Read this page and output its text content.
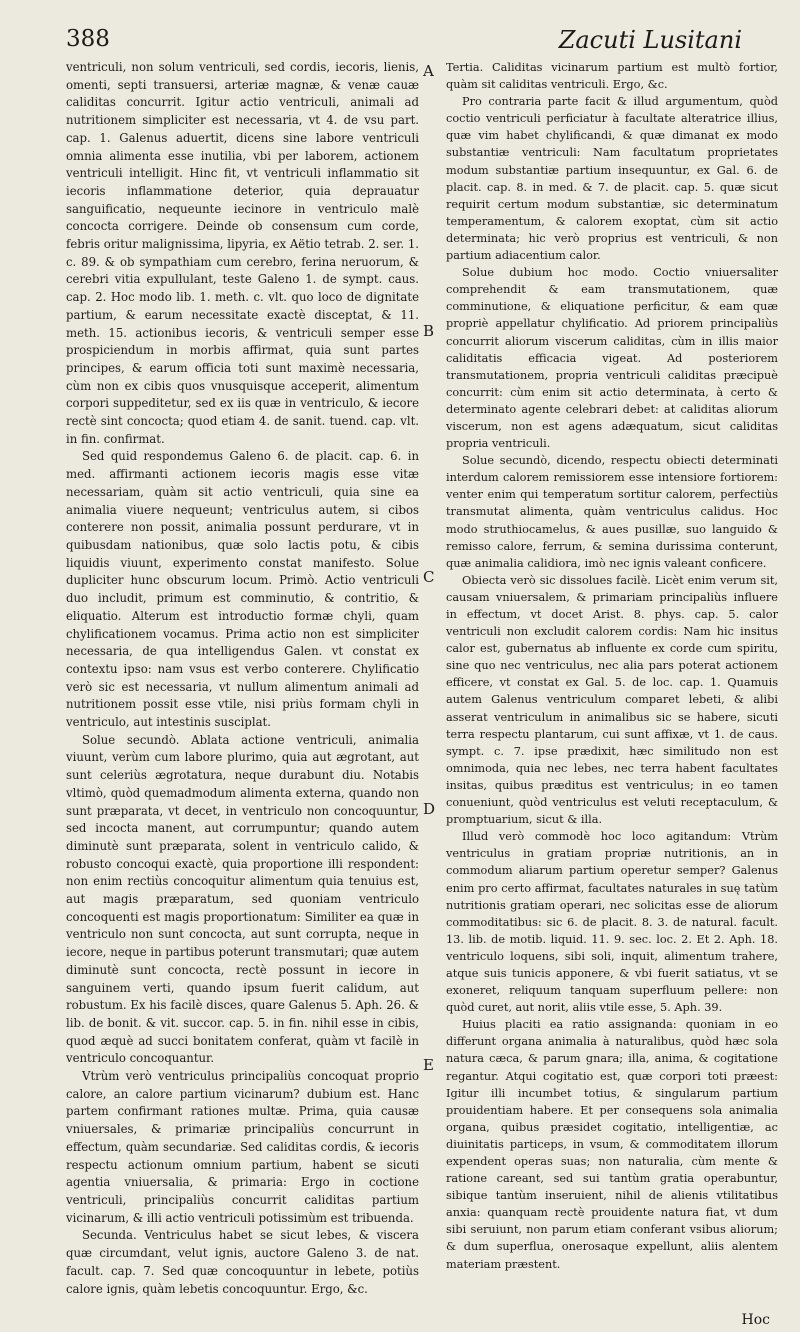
388	Zacuti Lusitani

ventriculi, non solum ventriculi, sed cordis, iecoris, lienis, omenti, septi transuersi, arteriæ magnæ, & venæ cauæ caliditas concurrit. Igitur actio ventriculi, animali ad nutritionem simpliciter est necessaria, vt 4. de vsu part. cap. 1. Galenus aduertit, dicens sine labore ventriculi omnia alimenta esse inutilia, vbi per laborem, actionem ventriculi intelligit. Hinc fit, vt ventriculi inflammatio sit iecoris inflammatione deterior, quia deprauatur sanguificatio, nequeunte iecinore in ventriculo malè concocta corrigere. Deinde ob consensum cum corde, febris oritur malignissima, lipyria, ex Aëtio tetrab. 2. ser. 1. c. 89. & ob sympathiam cum cerebro, ferina neruorum, & cerebri vitia expullulant, teste Galeno 1. de sympt. caus. cap. 2. Hoc modo lib. 1. meth. c. vlt. quo loco de dignitate partium, & earum necessitate exactè disceptat, & 11. meth. 15. actionibus iecoris, & ventriculi semper esse prospiciendum in morbis affirmat, quia sunt partes principes, & earum officia toti sunt maximè necessaria, cùm non ex cibis quos vnusquisque acceperit, alimentum corpori suppeditetur, sed ex iis quæ in ventriculo, & iecore rectè sint concocta; quod etiam 4. de sanit. tuend. cap. vlt. in fin. confirmat.

Sed quid respondemus Galeno 6. de placit. cap. 6. in med. affirmanti actionem iecoris magis esse vitæ necessariam, quàm sit actio ventriculi, quia sine ea animalia viuere nequeunt; ventriculus autem, si cibos conterere non possit, animalia possunt perdurare, vt in quibusdam nationibus, quæ solo lactis potu, & cibis liquidis viuunt, experimento constat manifesto. Solue dupliciter hunc obscurum locum. Primò. Actio ventriculi duo includit, primum est comminutio, & contritio, & eliquatio. Alterum est introductio formæ chyli, quam chylificationem vocamus. Prima actio non est simpliciter necessaria, de qua intelligendus Galen. vt constat ex contextu ipso: nam vsus est verbo conterere. Chylificatio verò sic est necessaria, vt nullum alimentum animali ad nutritionem possit esse vtile, nisi priùs formam chyli in ventriculo, aut intestinis susciplat.

Solue secundò. Ablata actione ventriculi, animalia viuunt, verùm cum labore plurimo, quia aut ægrotant, aut sunt celeriùs ægrotatura, neque durabunt diu. Notabis vltimò, quòd quemadmodum alimenta externa, quando non sunt præparata, vt decet, in ventriculo non concoquuntur, sed incocta manent, aut corrumpuntur; quando autem diminutè sunt præparata, solent in ventriculo calido, & robusto concoqui exactè, quia proportione illi respondent: non enim rectiùs concoquitur alimentum quia tenuius est, aut magis præparatum, sed quoniam ventriculo concoquenti est magis proportionatum: Similiter ea quæ in ventriculo non sunt concocta, aut sunt corrupta, neque in iecore, neque in partibus poterunt transmutari; quæ autem diminutè sunt concocta, rectè possunt in iecore in sanguinem verti, quando ipsum fuerit calidum, aut robustum. Ex his facilè disces, quare Galenus 5. Aph. 26. & lib. de bonit. & vit. succor. cap. 5. in fin. nihil esse in cibis, quod æquè ad succi bonitatem conferat, quàm vt facilè in ventriculo concoquantur.

Vtrùm verò ventriculus principaliùs concoquat proprio calore, an calore partium vicinarum? dubium est. Hanc partem confirmant rationes multæ. Prima, quia causæ vniuersales, & primariæ principaliùs concurrunt in effectum, quàm secundariæ. Sed caliditas cordis, & iecoris respectu actionum omnium partium, habent se sicuti agentia vniuersalia, & primaria: Ergo in coctione ventriculi, principaliùs concurrit caliditas partium vicinarum, & illi actio ventriculi potissimùm est tribuenda.

Secunda. Ventriculus habet se sicut lebes, & viscera quæ circumdant, velut ignis, auctore Galeno 3. de nat. facult. cap. 7. Sed quæ concoquuntur in lebete, potiùs calore ignis, quàm lebetis concoquuntur. Ergo, &c.

A
B
C
D
E

Tertia. Caliditas vicinarum partium est multò fortior, quàm sit caliditas ventriculi. Ergo, &c.

Pro contraria parte facit & illud argumentum, quòd coctio ventriculi perficiatur à facultate alteratrice illius, quæ vim habet chylificandi, & quæ dimanat ex modo substantiæ ventriculi: Nam facultatum proprietates modum substantiæ partium insequuntur, ex Gal. 6. de placit. cap. 8. in med. & 7. de placit. cap. 5. quæ sicut requirit certum modum substantiæ, sic determinatum temperamentum, & calorem exoptat, cùm sit actio determinata; hic verò proprius est ventriculi, & non partium adiacentium calor.

Solue dubium hoc modo. Coctio vniuersaliter comprehendit & eam transmutationem, quæ comminutione, & eliquatione perficitur, & eam quæ propriè appellatur chylificatio. Ad priorem principaliùs concurrit aliorum viscerum caliditas, cùm in illis maior caliditatis efficacia vigeat. Ad posteriorem transmutationem, propria ventriculi caliditas præcipuè concurrit: cùm enim sit actio determinata, à certo & determinato agente celebrari debet: at caliditas aliorum viscerum, non est agens adæquatum, sicut caliditas propria ventriculi.

Solue secundò, dicendo, respectu obiecti determinati interdum calorem remissiorem esse intensiore fortiorem: venter enim qui temperatum sortitur calorem, perfectiùs transmutat alimenta, quàm ventriculus calidus. Hoc modo struthiocamelus, & aues pusillæ, suo languido & remisso calore, ferrum, & semina durissima conterunt, quæ animalia calidiora, imò nec ignis valeant conficere.

Obiecta verò sic dissolues facilè. Licèt enim verum sit, causam vniuersalem, & primariam principaliùs influere in effectum, vt docet Arist. 8. phys. cap. 5. calor ventriculi non excludit calorem cordis: Nam hic insitus calor est, gubernatus ab influente ex corde cum spiritu, sine quo nec ventriculus, nec alia pars poterat actionem efficere, vt constat ex Gal. 5. de loc. cap. 1. Quamuis autem Galenus ventriculum comparet lebeti, & alibi asserat ventriculum in animalibus sic se habere, sicuti terra respectu plantarum, cui sunt affixæ, vt 1. de caus. sympt. c. 7. ipse prædixit, hæc similitudo non est omnimoda, quia nec lebes, nec terra habent facultates insitas, quibus præditus est ventriculus; in eo tamen conueniunt, quòd ventriculus est veluti receptaculum, & promptuarium, sicut & illa.

Illud verò commodè hoc loco agitandum: Vtrùm ventriculus in gratiam propriæ nutritionis, an in commodum aliarum partium operetur semper? Galenus enim pro certo affirmat, facultates naturales in suę tatùm nutritionis gratiam operari, nec solicitas esse de aliorum commoditatibus: sic 6. de placit. 8. 3. de natural. facult. 13. lib. de motib. liquid. 11. 9. sec. loc. 2. Et 2. Aph. 18. ventriculo loquens, sibi soli, inquit, alimentum trahere, atque suis tunicis apponere, & vbi fuerit satiatus, vt se exoneret, reliquum tanquam superfluum pellere: non quòd curet, aut norit, aliis vtile esse, 5. Aph. 39.

Huius placiti ea ratio assignanda: quoniam in eo differunt organa animalia à naturalibus, quòd hæc sola natura cæca, & parum gnara; illa, anima, & cogitatione regantur. Atqui cogitatio est, quæ corpori toti præest: Igitur illi incumbet totius, & singularum partium prouidentiam habere. Et per consequens sola animalia organa, quibus præsidet cogitatio, intelligentiæ, ac diuinitatis particeps, in vsum, & commoditatem illorum expendent operas suas; non naturalia, cùm mente & ratione careant, sed sui tantùm gratia operabuntur, sibique tantùm inseruient, nihil de alienis vtilitatibus anxia: quanquam rectè prouidente natura fiat, vt dum sibi seruiunt, non parum etiam conferant vsibus aliorum; & dum superflua, onerosaque expellunt, aliis alentem materiam præstent.

Hoc
